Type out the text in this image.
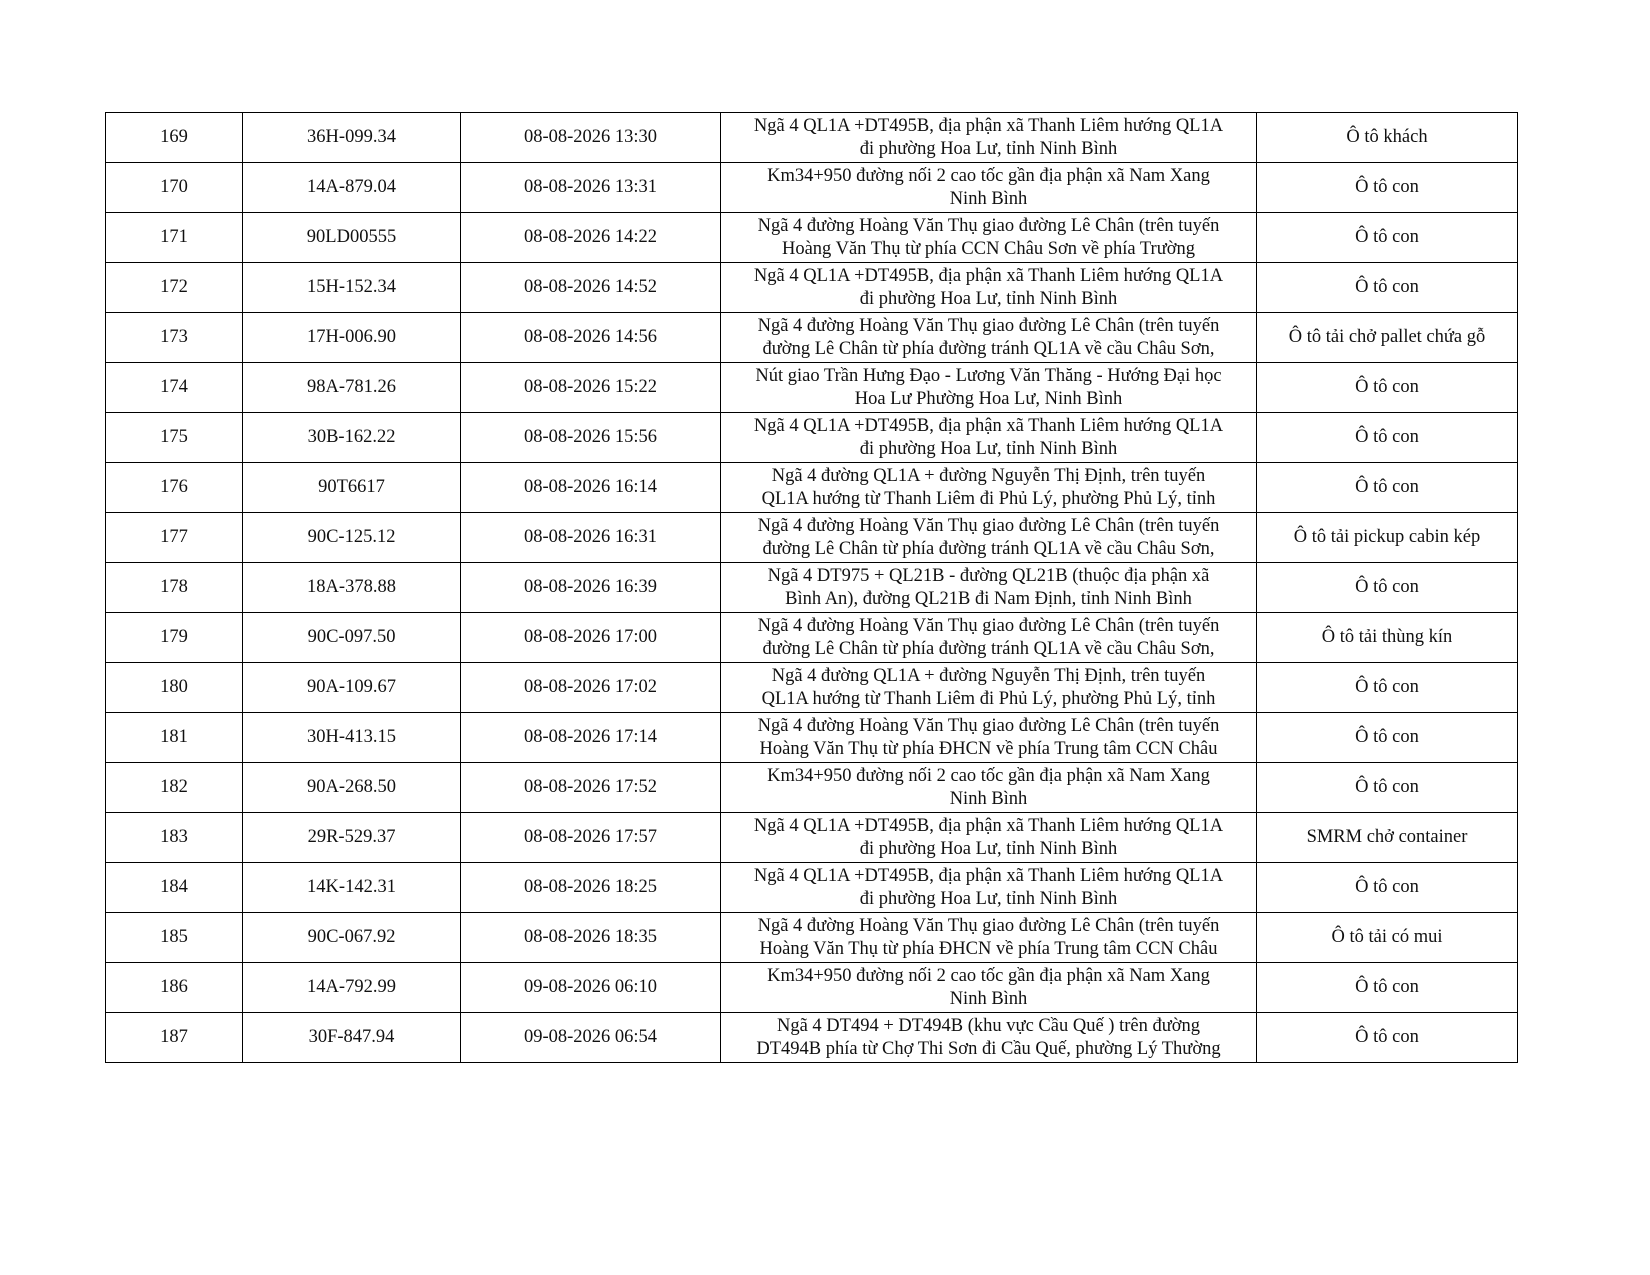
169	36H-099.34	08-08-2026 13:30	Ngã 4 QL1A +DT495B, địa phận xã Thanh Liêm hướng QL1A
đi phường Hoa Lư, tỉnh Ninh Bình	Ô tô khách
170	14A-879.04	08-08-2026 13:31	Km34+950 đường nối 2 cao tốc gần địa phận xã Nam Xang
Ninh Bình	Ô tô con
171	90LD00555	08-08-2026 14:22	Ngã 4 đường Hoàng Văn Thụ giao đường Lê Chân (trên tuyến
Hoàng Văn Thụ từ phía CCN Châu Sơn về phía Trường	Ô tô con
172	15H-152.34	08-08-2026 14:52	Ngã 4 QL1A +DT495B, địa phận xã Thanh Liêm hướng QL1A
đi phường Hoa Lư, tỉnh Ninh Bình	Ô tô con
173	17H-006.90	08-08-2026 14:56	Ngã 4 đường Hoàng Văn Thụ giao đường Lê Chân (trên tuyến
đường Lê Chân từ phía đường tránh QL1A về cầu Châu Sơn,	Ô tô tải chở pallet chứa gỗ
174	98A-781.26	08-08-2026 15:22	Nút giao Trần Hưng Đạo - Lương Văn Thăng - Hướng Đại học
Hoa Lư Phường Hoa Lư, Ninh Bình	Ô tô con
175	30B-162.22	08-08-2026 15:56	Ngã 4 QL1A +DT495B, địa phận xã Thanh Liêm hướng QL1A
đi phường Hoa Lư, tỉnh Ninh Bình	Ô tô con
176	90T6617	08-08-2026 16:14	Ngã 4 đường QL1A + đường Nguyễn Thị Định, trên tuyến
QL1A hướng từ Thanh Liêm đi Phủ Lý, phường Phủ Lý, tỉnh	Ô tô con
177	90C-125.12	08-08-2026 16:31	Ngã 4 đường Hoàng Văn Thụ giao đường Lê Chân (trên tuyến
đường Lê Chân từ phía đường tránh QL1A về cầu Châu Sơn,	Ô tô tải pickup cabin kép
178	18A-378.88	08-08-2026 16:39	Ngã 4 DT975 + QL21B - đường QL21B (thuộc địa phận xã
Bình An), đường QL21B đi Nam Định, tỉnh Ninh Bình	Ô tô con
179	90C-097.50	08-08-2026 17:00	Ngã 4 đường Hoàng Văn Thụ giao đường Lê Chân (trên tuyến
đường Lê Chân từ phía đường tránh QL1A về cầu Châu Sơn,	Ô tô tải thùng kín
180	90A-109.67	08-08-2026 17:02	Ngã 4 đường QL1A + đường Nguyễn Thị Định, trên tuyến
QL1A hướng từ Thanh Liêm đi Phủ Lý, phường Phủ Lý, tỉnh	Ô tô con
181	30H-413.15	08-08-2026 17:14	Ngã 4 đường Hoàng Văn Thụ giao đường Lê Chân (trên tuyến
Hoàng Văn Thụ từ phía ĐHCN về phía Trung tâm CCN Châu	Ô tô con
182	90A-268.50	08-08-2026 17:52	Km34+950 đường nối 2 cao tốc gần địa phận xã Nam Xang
Ninh Bình	Ô tô con
183	29R-529.37	08-08-2026 17:57	Ngã 4 QL1A +DT495B, địa phận xã Thanh Liêm hướng QL1A
đi phường Hoa Lư, tỉnh Ninh Bình	SMRM chở container
184	14K-142.31	08-08-2026 18:25	Ngã 4 QL1A +DT495B, địa phận xã Thanh Liêm hướng QL1A
đi phường Hoa Lư, tỉnh Ninh Bình	Ô tô con
185	90C-067.92	08-08-2026 18:35	Ngã 4 đường Hoàng Văn Thụ giao đường Lê Chân (trên tuyến
Hoàng Văn Thụ từ phía ĐHCN về phía Trung tâm CCN Châu	Ô tô tải có mui
186	14A-792.99	09-08-2026 06:10	Km34+950 đường nối 2 cao tốc gần địa phận xã Nam Xang
Ninh Bình	Ô tô con
187	30F-847.94	09-08-2026 06:54	Ngã 4 DT494 + DT494B (khu vực Cầu Quế ) trên đường
DT494B phía từ Chợ Thi Sơn đi Cầu Quế, phường Lý Thường	Ô tô con
